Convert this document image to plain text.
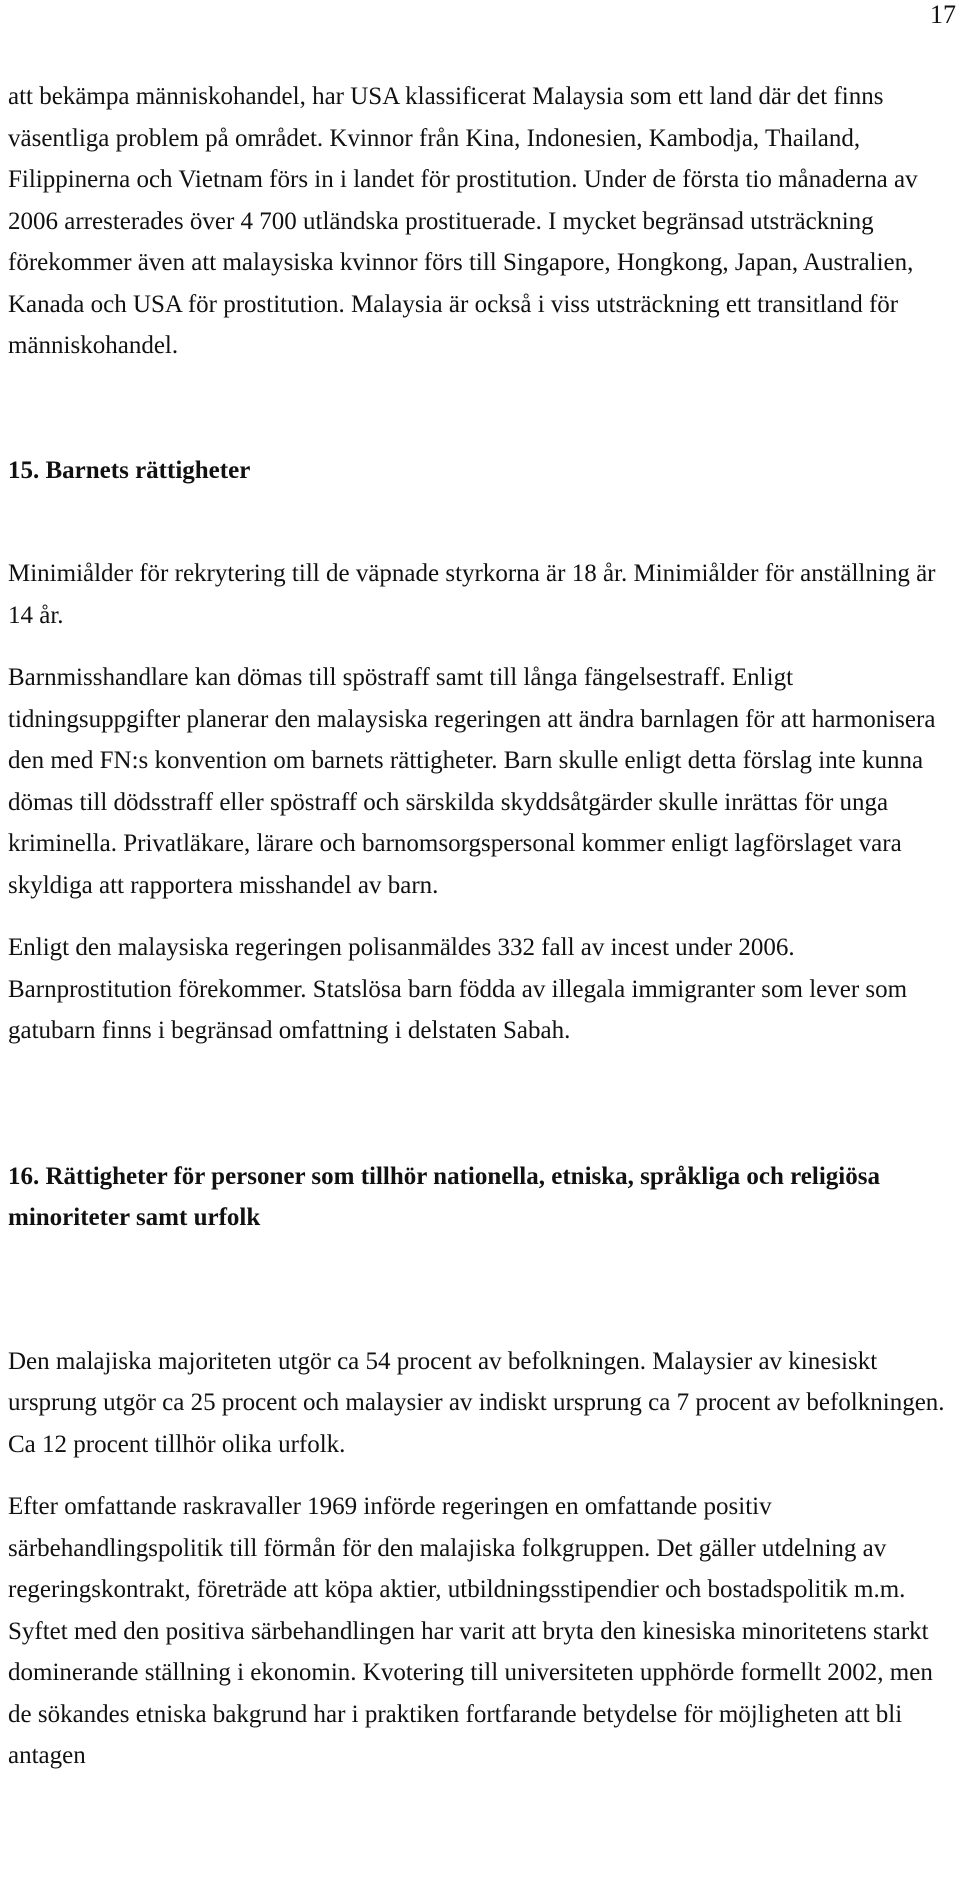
17

att bekämpa människohandel, har USA klassificerat Malaysia som ett land där det finns väsentliga problem på området. Kvinnor från Kina, Indonesien, Kambodja, Thailand, Filippinerna och Vietnam förs in i landet för prostitution. Under de första tio månaderna av 2006 arresterades över 4 700 utländska prostituerade. I mycket begränsad utsträckning förekommer även att malaysiska kvinnor förs till Singapore, Hongkong, Japan, Australien, Kanada och USA för prostitution. Malaysia är också i viss utsträckning ett transitland för människohandel.

15. Barnets rättigheter

Minimiålder för rekrytering till de väpnade styrkorna är 18 år. Minimiålder för anställning är 14 år.

Barnmisshandlare kan dömas till spöstraff samt till långa fängelsestraff. Enligt tidningsuppgifter planerar den malaysiska regeringen att ändra barnlagen för att harmonisera den med FN:s konvention om barnets rättigheter. Barn skulle enligt detta förslag inte kunna dömas till dödsstraff eller spöstraff och särskilda skyddsåtgärder skulle inrättas för unga kriminella. Privatläkare, lärare och barnomsorgspersonal kommer enligt lagförslaget vara skyldiga att rapportera misshandel av barn.

Enligt den malaysiska regeringen polisanmäldes 332 fall av incest under 2006. Barnprostitution förekommer. Statslösa barn födda av illegala immigranter som lever som gatubarn finns i begränsad omfattning i delstaten Sabah.

16. Rättigheter för personer som tillhör nationella, etniska, språkliga och religiösa minoriteter samt urfolk

Den malajiska majoriteten utgör ca 54 procent av befolkningen. Malaysier av kinesiskt ursprung utgör ca 25 procent och malaysier av indiskt ursprung ca 7 procent av befolkningen. Ca 12 procent tillhör olika urfolk.

Efter omfattande raskravaller 1969 införde regeringen en omfattande positiv särbehandlingspolitik till förmån för den malajiska folkgruppen. Det gäller utdelning av regeringskontrakt, företräde att köpa aktier, utbildningsstipendier och bostadspolitik m.m. Syftet med den positiva särbehandlingen har varit att bryta den kinesiska minoritetens starkt dominerande ställning i ekonomin. Kvotering till universiteten upphörde formellt 2002, men de sökandes etniska bakgrund har i praktiken fortfarande betydelse för möjligheten att bli antagen
